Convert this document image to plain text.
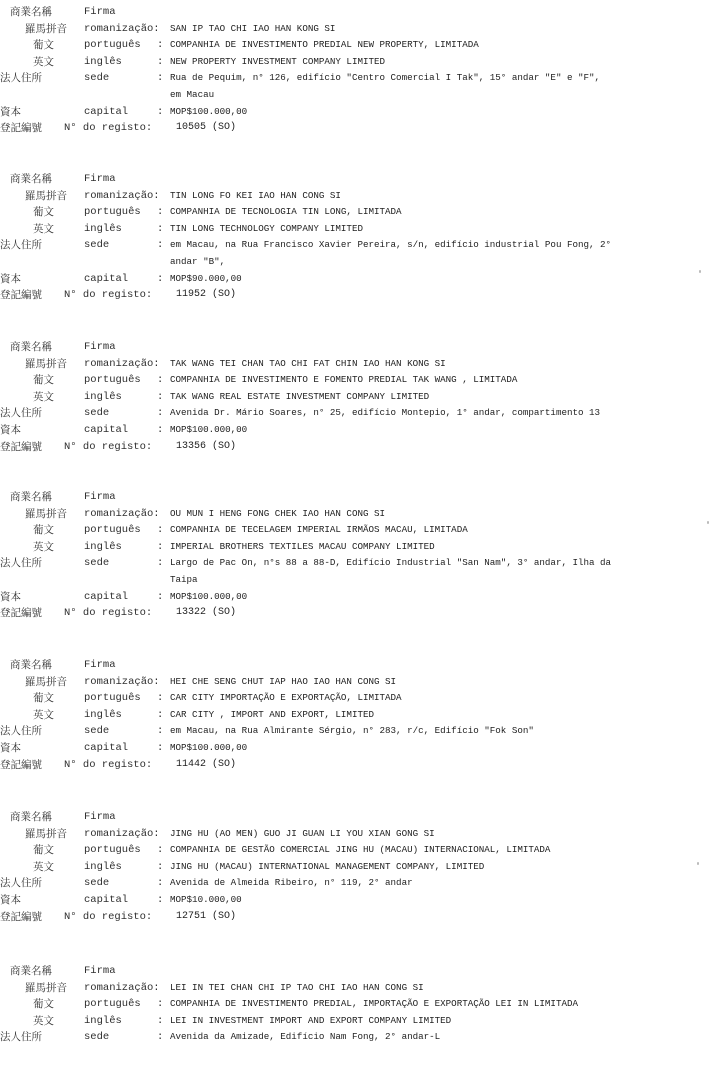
商業名稱	Firma
羅馬拼音 romanização: SAN IP TAO CHI IAO HAN KONG SI
葡文	português : COMPANHIA DE INVESTIMENTO PREDIAL NEW PROPERTY, LIMITADA
英文	inglês	: NEW PROPERTY INVESTMENT COMPANY LIMITED
法人住所	sede	: Rua de Pequim, n° 126, edifício "Centro Comercial I Tak", 15° andar "E" e "F",
em Macau
資本	capital	: MOP$100.000,00
登記編號 N° do registo: 10505 (SO)
商業名稱	Firma
羅馬拼音 romanização: TIN LONG FO KEI IAO HAN CONG SI
葡文	português : COMPANHIA DE TECNOLOGIA TIN LONG, LIMITADA
英文	inglês	: TIN LONG TECHNOLOGY COMPANY LIMITED
法人住所	sede	: em Macau, na Rua Francisco Xavier Pereira, s/n, edifício industrial Pou Fong, 2°
andar "B",
資本	capital	: MOP$90.000,00
登記編號 N° do registo: 11952 (SO)
商業名稱	Firma
羅馬拼音 romanização: TAK WANG TEI CHAN TAO CHI FAT CHIN IAO HAN KONG SI
葡文	português : COMPANHIA DE INVESTIMENTO E FOMENTO PREDIAL TAK WANG , LIMITADA
英文	inglês	: TAK WANG REAL ESTATE INVESTMENT COMPANY LIMITED
法人住所	sede	: Avenida Dr. Mário Soares, n° 25, edifício Montepio, 1° andar, compartimento 13
資本	capital	: MOP$100.000,00
登記編號 N° do registo: 13356 (SO)
商業名稱	Firma
羅馬拼音 romanização: OU MUN I HENG FONG CHEK IAO HAN CONG SI
葡文	português : COMPANHIA DE TECELAGEM IMPERIAL IRMÃOS MACAU, LIMITADA
英文	inglês	: IMPERIAL BROTHERS TEXTILES MACAU COMPANY LIMITED
法人住所	sede	: Largo de Pac On, n°s 88 a 88-D, Edifício Industrial "San Nam", 3° andar, Ilha da
Taipa
資本	capital	: MOP$100.000,00
登記編號 N° do registo: 13322 (SO)
商業名稱	Firma
羅馬拼音 romanização: HEI CHE SENG CHUT IAP HAO IAO HAN CONG SI
葡文	português : CAR CITY IMPORTAÇÃO E EXPORTAÇÃO, LIMITADA
英文	inglês	: CAR CITY , IMPORT AND EXPORT, LIMITED
法人住所	sede	: em Macau, na Rua Almirante Sérgio, n° 283, r/c, Edifício "Fok Son"
資本	capital	: MOP$100.000,00
登記編號 N° do registo: 11442 (SO)
商業名稱	Firma
羅馬拼音 romanização: JING HU (AO MEN) GUO JI GUAN LI YOU XIAN GONG SI
葡文	português : COMPANHIA DE GESTÃO COMERCIAL JING HU (MACAU) INTERNACIONAL, LIMITADA
英文	inglês	: JING HU (MACAU) INTERNATIONAL MANAGEMENT COMPANY, LIMITED
法人住所	sede	: Avenida de Almeida Ribeiro, n° 119, 2° andar
資本	capital	: MOP$10.000,00
登記編號 N° do registo: 12751 (SO)
商業名稱	Firma
羅馬拼音 romanização: LEI IN TEI CHAN CHI IP TAO CHI IAO HAN CONG SI
葡文	português : COMPANHIA DE INVESTIMENTO PREDIAL, IMPORTAÇÃO E EXPORTAÇÃO LEI IN LIMITADA
英文	inglês	: LEI IN INVESTMENT IMPORT AND EXPORT COMPANY LIMITED
法人住所	sede	: Avenida da Amizade, Edifício Nam Fong, 2° andar-L
